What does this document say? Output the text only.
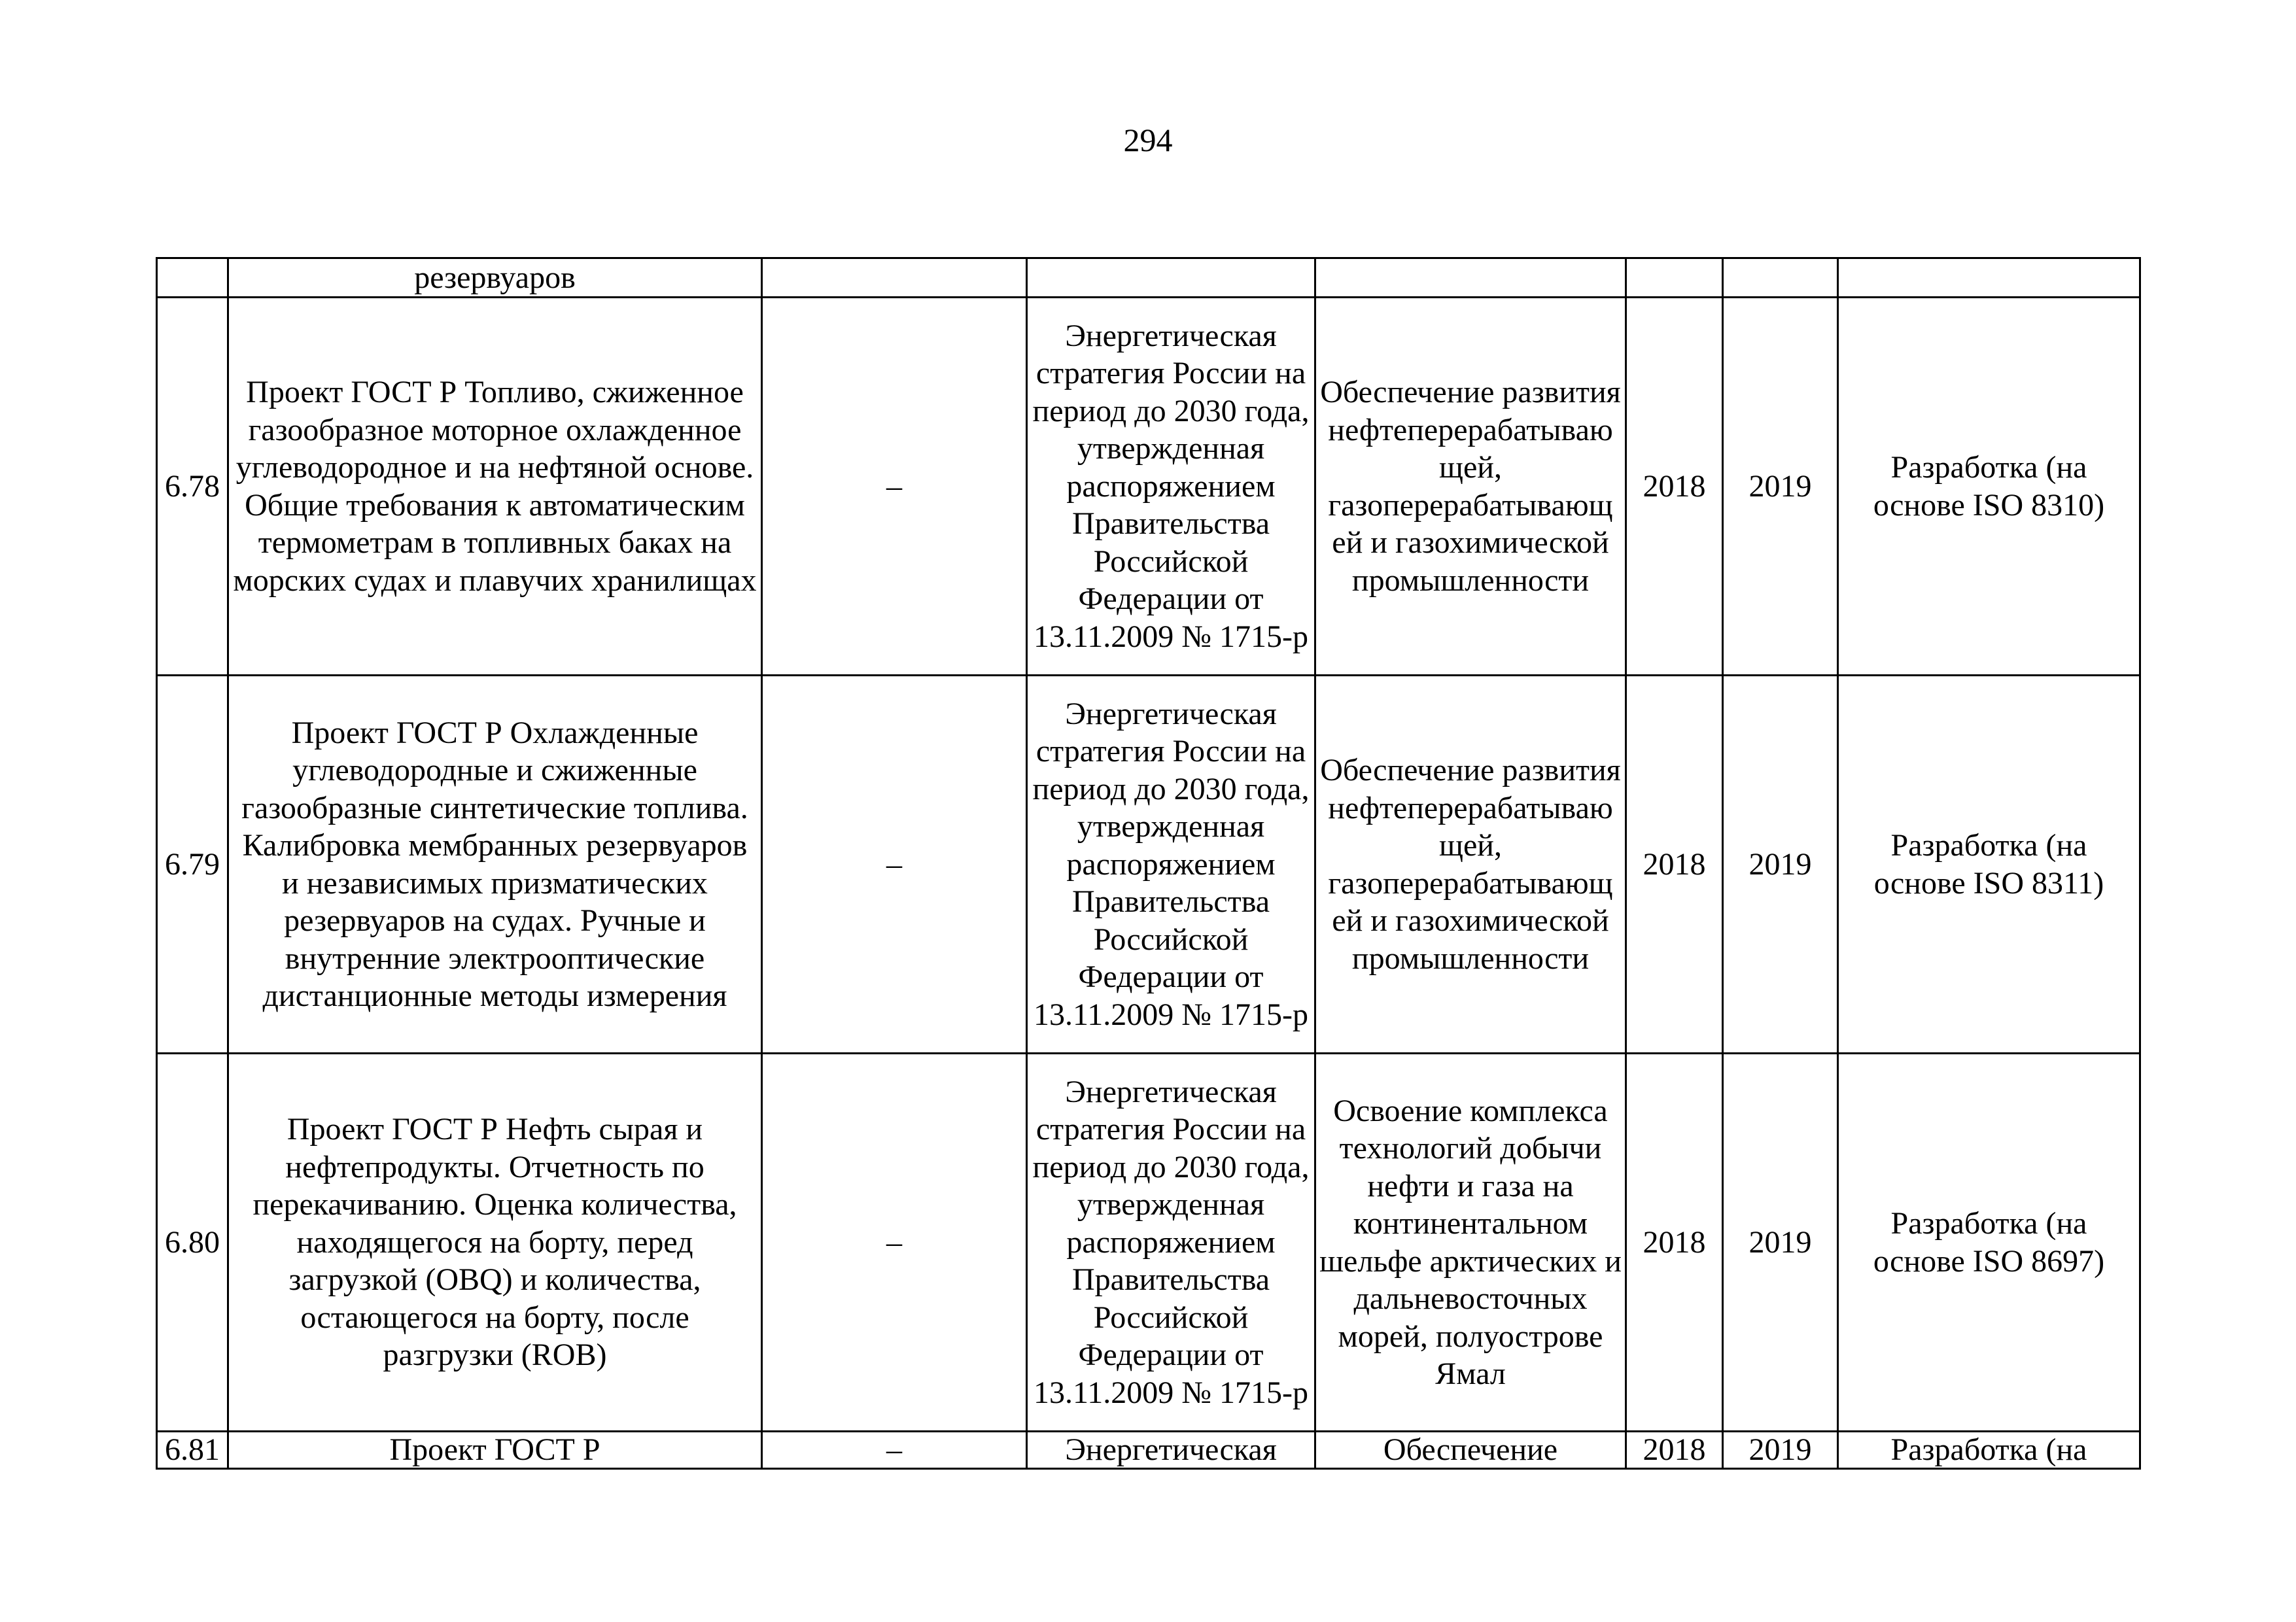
294
	резервуаров						
6.78	Проект ГОСТ Р Топливо, сжиженное газообразное моторное охлажденное углеводородное и на нефтяной основе. Общие требования к автоматическим термометрам в топливных баках на морских судах и плавучих хранилищах	–	Энергетическая стратегия России на период до 2030 года, утвержденная распоряжением Правительства Российской Федерации от 13.11.2009 № 1715-р	Обеспечение развития нефтеперерабатываю щей, газоперерабатывающ ей и газохимической промышленности	2018	2019	Разработка (на основе ISO 8310)
6.79	Проект ГОСТ Р Охлажденные углеводородные и сжиженные газообразные синтетические топлива. Калибровка мембранных резервуаров и независимых призматических резервуаров на судах. Ручные и внутренние электрооптические дистанционные методы измерения	–	Энергетическая стратегия России на период до 2030 года, утвержденная распоряжением Правительства Российской Федерации от 13.11.2009 № 1715-р	Обеспечение развития нефтеперерабатываю щей, газоперерабатывающ ей и газохимической промышленности	2018	2019	Разработка (на основе ISO 8311)
6.80	Проект ГОСТ Р Нефть сырая и нефтепродукты. Отчетность по перекачиванию. Оценка количества, находящегося на борту, перед загрузкой (OBQ) и количества, остающегося на борту, после разгрузки (ROB)	–	Энергетическая стратегия России на период до 2030 года, утвержденная распоряжением Правительства Российской Федерации от 13.11.2009 № 1715-р	Освоение комплекса технологий добычи нефти и газа на континентальном шельфе арктических и дальневосточных морей, полуострове Ямал	2018	2019	Разработка (на основе ISO 8697)
6.81	Проект ГОСТ Р	–	Энергетическая	Обеспечение	2018	2019	Разработка (на
